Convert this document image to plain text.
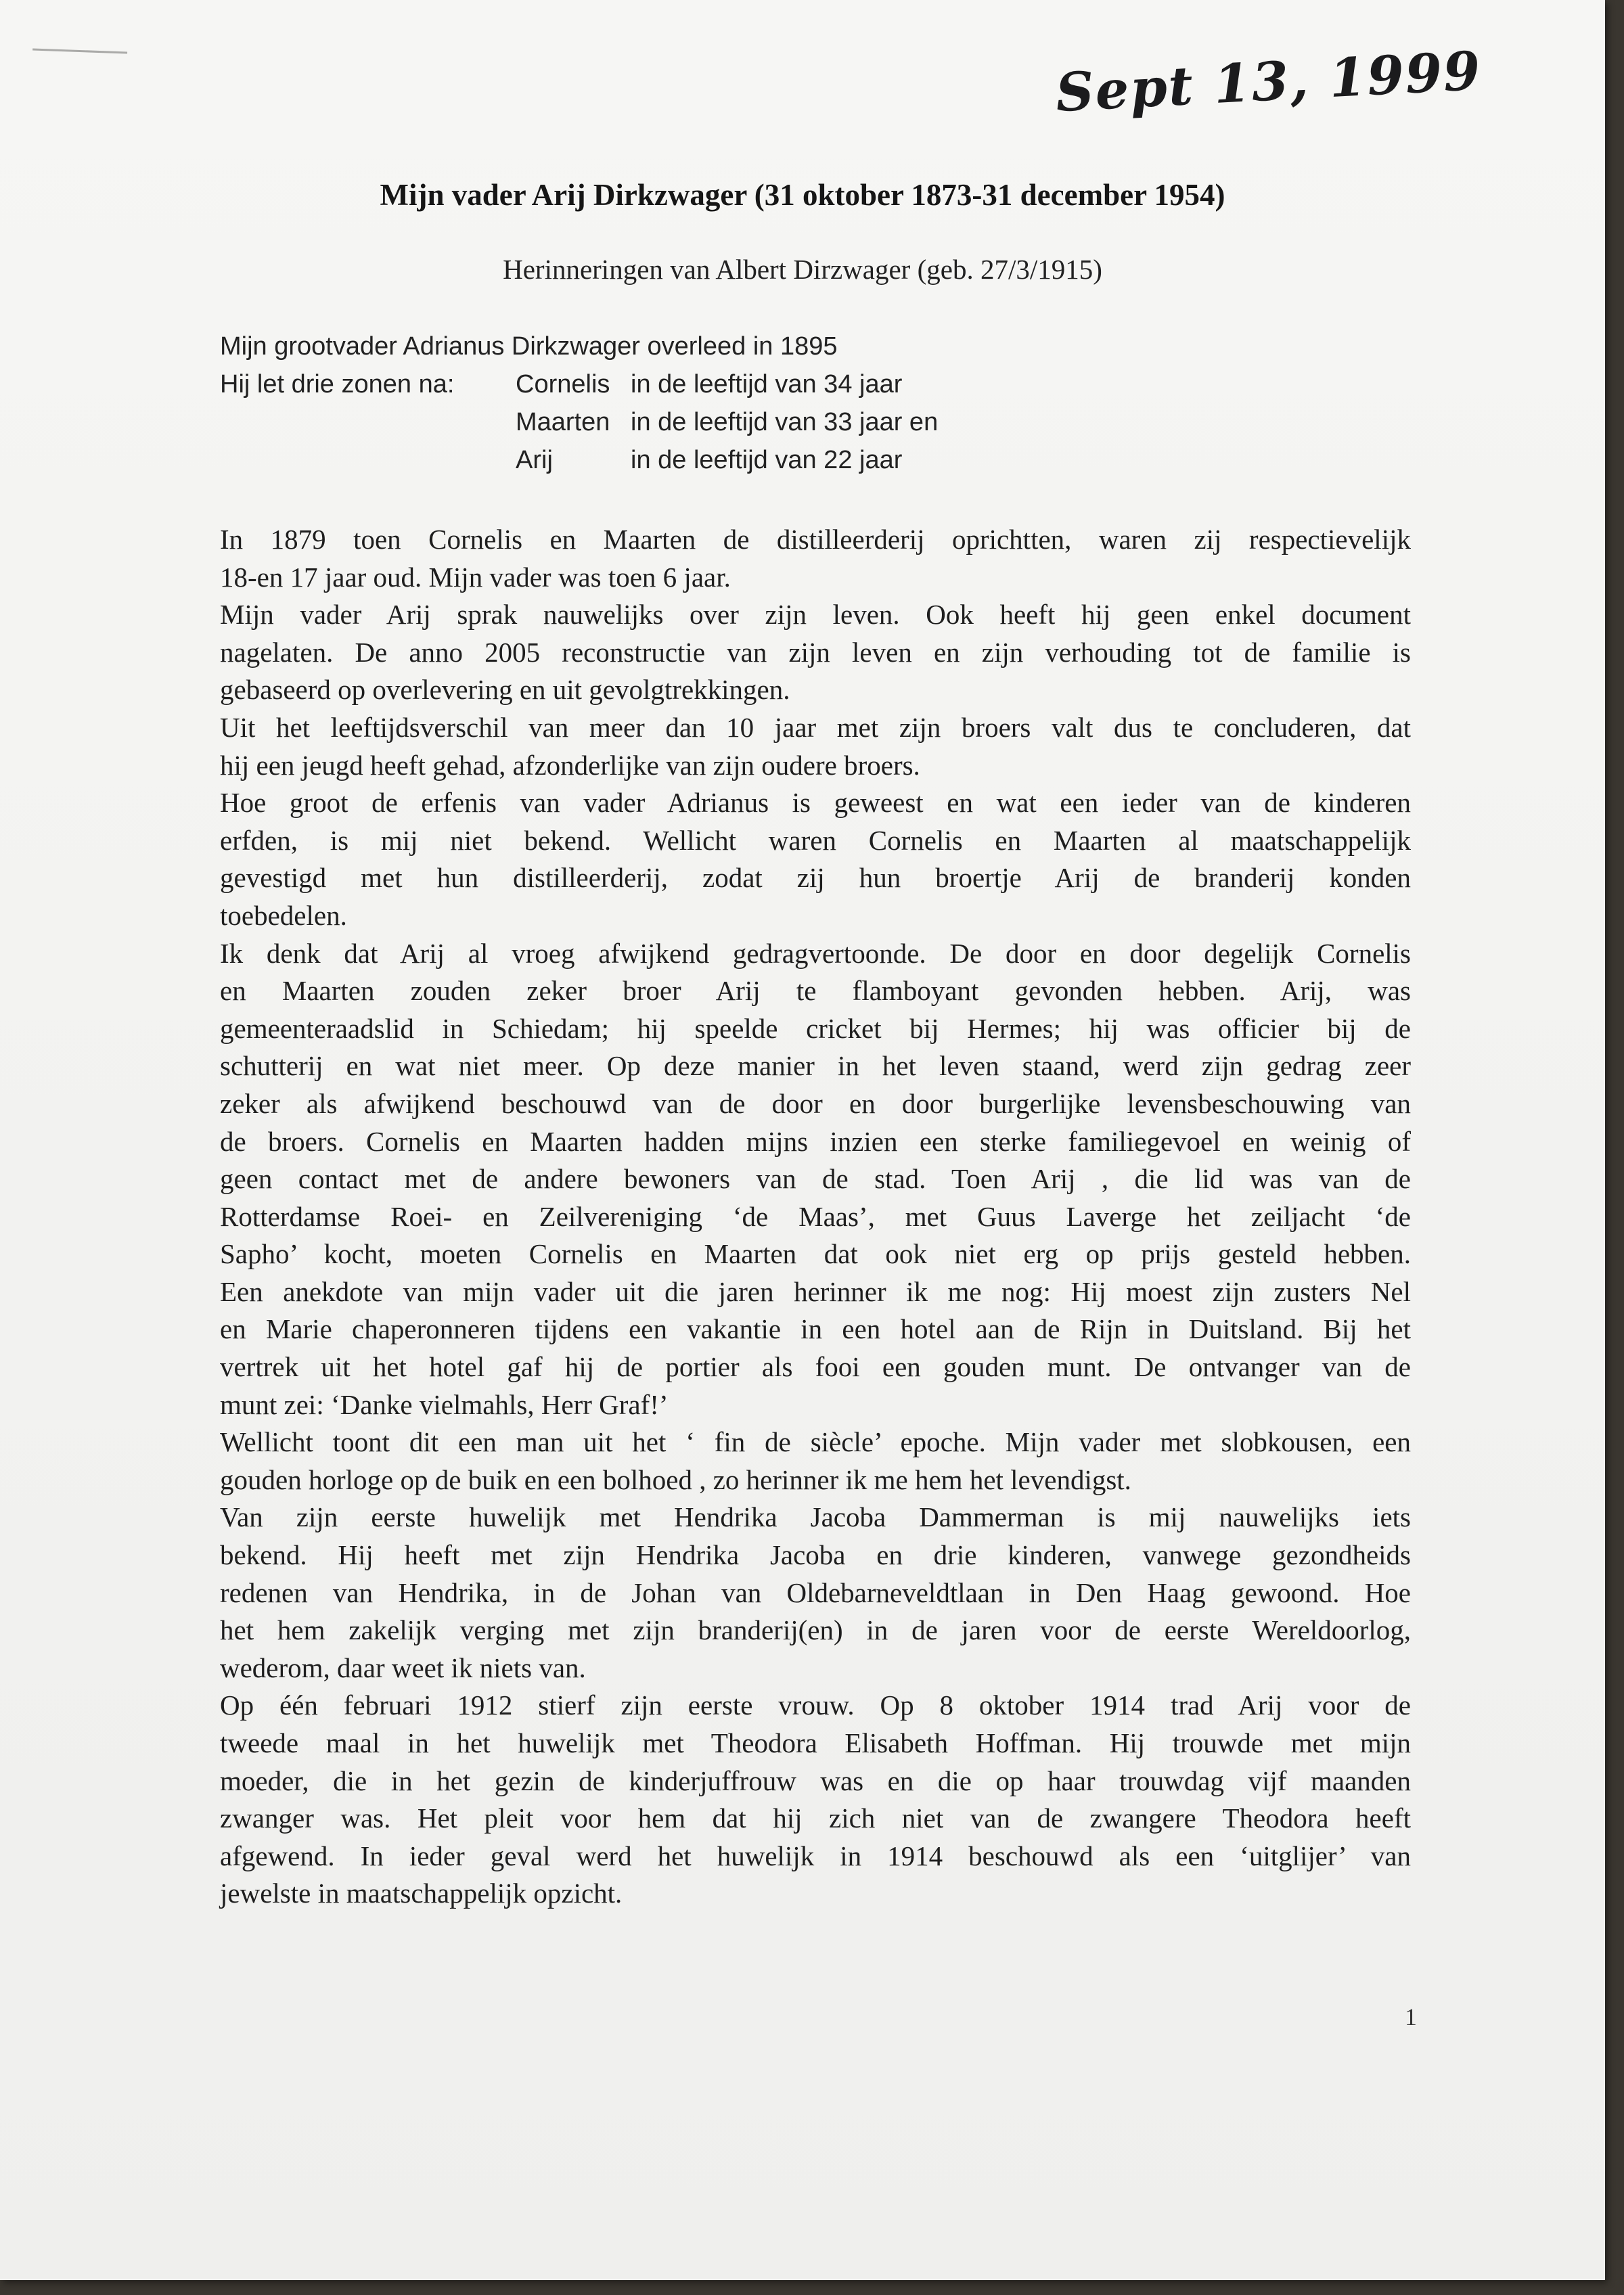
Sept 13, 1999
Mijn vader Arij Dirkzwager (31 oktober 1873-31 december 1954)
Herinneringen van Albert Dirzwager (geb. 27/3/1915)
Mijn grootvader Adrianus Dirkzwager overleed in 1895
Hij let drie zonen na:	Cornelis in de leeftijd van 34 jaar
Maarten in de leeftijd van 33 jaar en
Arij	in de leeftijd van 22 jaar
In 1879 toen Cornelis en Maarten de distilleerderij oprichtten, waren zij respectievelijk
18-en 17 jaar oud. Mijn vader was toen 6 jaar.
Mijn vader Arij sprak nauwelijks over zijn leven. Ook heeft hij geen enkel document
nagelaten. De anno 2005 reconstructie van zijn leven en zijn verhouding tot de familie is
gebaseerd op overlevering en uit gevolgtrekkingen.
Uit het leeftijdsverschil van meer dan 10 jaar met zijn broers valt dus te concluderen, dat
hij een jeugd heeft gehad, afzonderlijke van zijn oudere broers.
Hoe groot de erfenis van vader Adrianus is geweest en wat een ieder van de kinderen
erfden, is mij niet bekend. Wellicht waren Cornelis en Maarten al maatschappelijk
gevestigd met hun distilleerderij, zodat zij hun broertje Arij de branderij konden
toebedelen.
Ik denk dat Arij al vroeg afwijkend gedragvertoonde. De door en door degelijk Cornelis
en Maarten zouden zeker broer Arij te flamboyant gevonden hebben. Arij, was
gemeenteraadslid in Schiedam; hij speelde cricket bij Hermes; hij was officier bij de
schutterij en wat niet meer. Op deze manier in het leven staand, werd zijn gedrag zeer
zeker als afwijkend beschouwd van de door en door burgerlijke levensbeschouwing van
de broers. Cornelis en Maarten hadden mijns inzien een sterke familiegevoel en weinig of
geen contact met de andere bewoners van de stad. Toen Arij , die lid was van de
Rotterdamse Roei- en Zeilvereniging ‘de Maas’, met Guus Laverge het zeiljacht ‘de
Sapho’ kocht, moeten Cornelis en Maarten dat ook niet erg op prijs gesteld hebben.
Een anekdote van mijn vader uit die jaren herinner ik me nog: Hij moest zijn zusters Nel
en Marie chaperonneren tijdens een vakantie in een hotel aan de Rijn in Duitsland. Bij het
vertrek uit het hotel gaf hij de portier als fooi een gouden munt. De ontvanger van de
munt zei: ‘Danke vielmahls, Herr Graf!’
Wellicht toont dit een man uit het ‘ fin de siècle’ epoche. Mijn vader met slobkousen, een
gouden horloge op de buik en een bolhoed , zo herinner ik me hem het levendigst.
Van zijn eerste huwelijk met Hendrika Jacoba Dammerman is mij nauwelijks iets
bekend. Hij heeft met zijn Hendrika Jacoba en drie kinderen, vanwege gezondheids
redenen van Hendrika, in de Johan van Oldebarneveldtlaan in Den Haag gewoond. Hoe
het hem zakelijk verging met zijn branderij(en) in de jaren voor de eerste Wereldoorlog,
wederom, daar weet ik niets van.
Op één februari 1912 stierf zijn eerste vrouw. Op 8 oktober 1914 trad Arij voor de
tweede maal in het huwelijk met Theodora Elisabeth Hoffman. Hij trouwde met mijn
moeder, die in het gezin de kinderjuffrouw was en die op haar trouwdag vijf maanden
zwanger was. Het pleit voor hem dat hij zich niet van de zwangere Theodora heeft
afgewend. In ieder geval werd het huwelijk in 1914 beschouwd als een ‘uitglijer’ van
jewelste in maatschappelijk opzicht.
1
